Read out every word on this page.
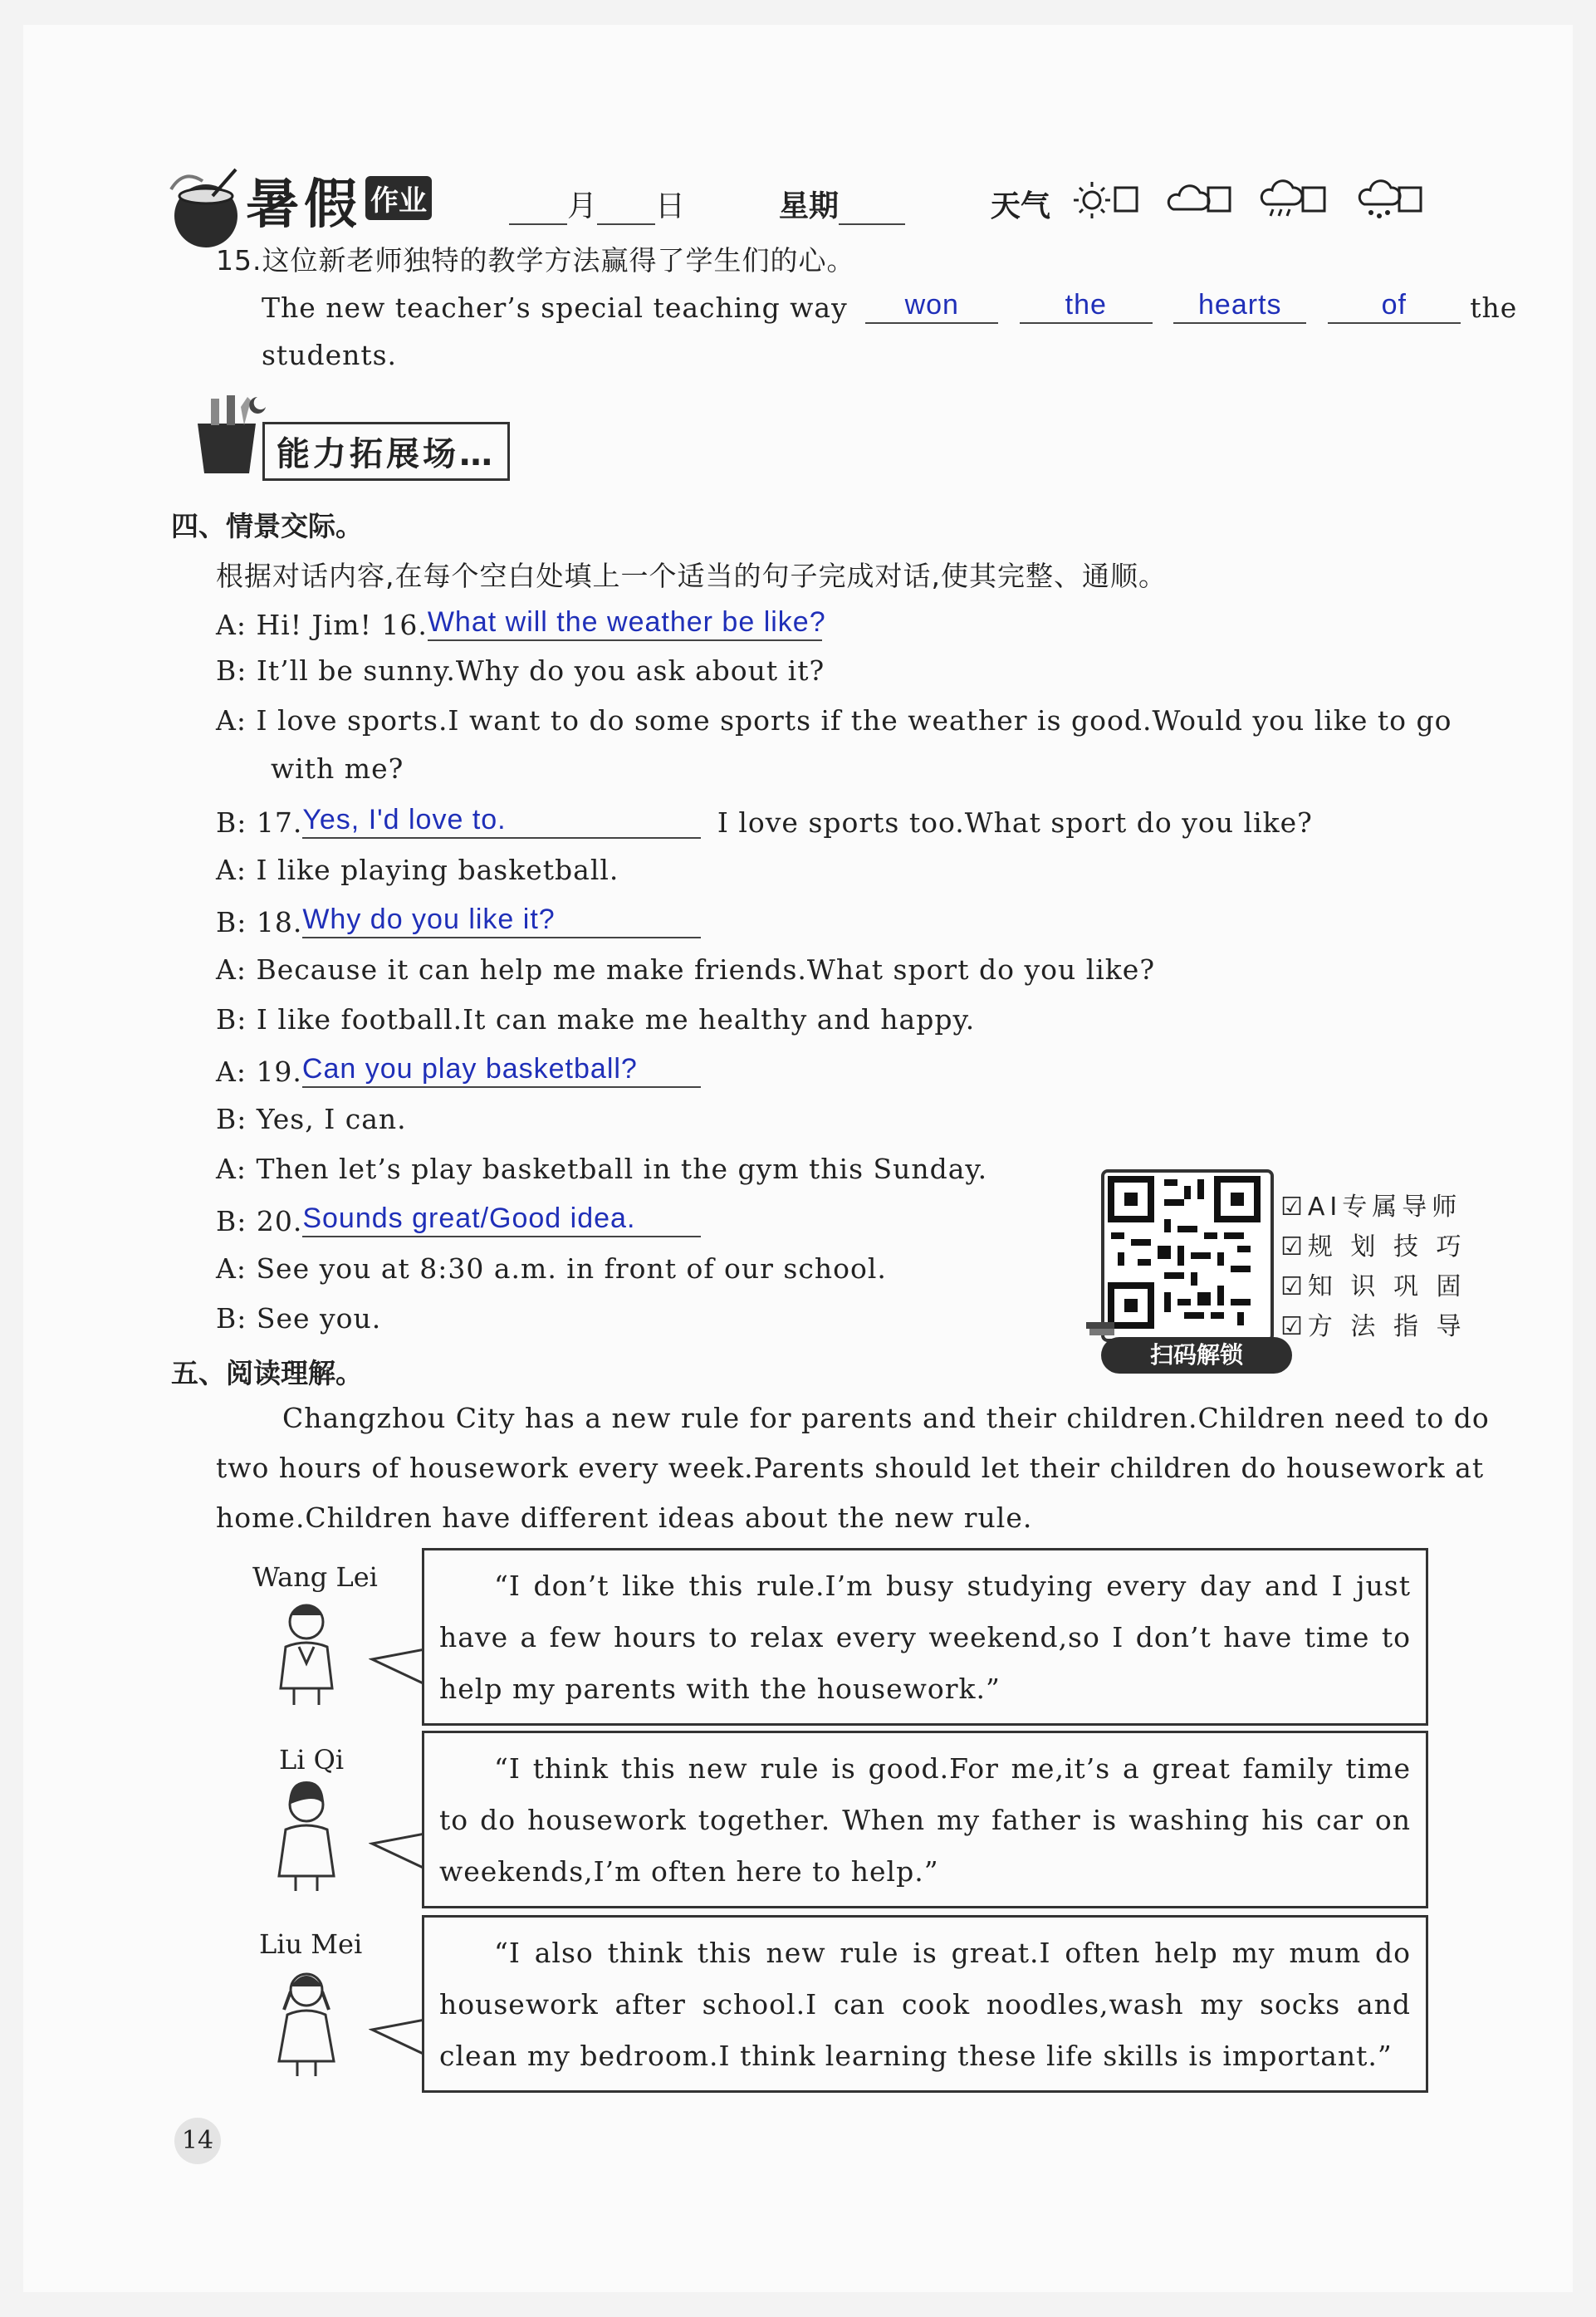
暑假 作业	月 日	星期	天气
15.这位新老师独特的教学方法赢得了学生们的心。
The new teacher’s special teaching way won	the	hearts	of the
students.
能力拓展场…
四、情景交际。
根据对话内容,在每个空白处填上一个适当的句子完成对话,使其完整、通顺。
A: Hi! Jim! 16.What will the weather be like?
B: It’ll be sunny.Why do you ask about it?
A: I love sports.I want to do some sports if the weather is good.Would you like to go
with me?
B: 17.Yes, I'd love to.	I love sports too.What sport do you like?
A: I like playing basketball.
B: 18.Why do you like it?
A: Because it can help me make friends.What sport do you like?
B: I like football.It can make me healthy and happy.
A: 19.Can you play basketball?
B: Yes, I can.
A: Then let’s play basketball in the gym this Sunday.
B: 20.Sounds great/Good idea.
A: See you at 8:30 a.m. in front of our school.
B: See you.
扫码解锁
☑AI专属导师
☑规 划 技 巧
☑知 识 巩 固
☑方 法 指 导
五、阅读理解。
Changzhou City has a new rule for parents and their children.Children need to do
two hours of housework every week.Parents should let their children do housework at
home.Children have different ideas about the new rule.
Wang Lei	“I don’t like this rule.I’m busy studying every day and I just have a few hours to relax every weekend,so I don’t have time to help my parents with the housework.”

Li Qi	“I think this new rule is good.For me,it’s a great family time to do housework together. When my father is washing his car on weekends,I’m often here to help.”

Liu Mei	“I also think this new rule is great.I often help my mum do housework after school.I can cook noodles,wash my socks and clean my bedroom.I think learning these life skills is important.”

14
